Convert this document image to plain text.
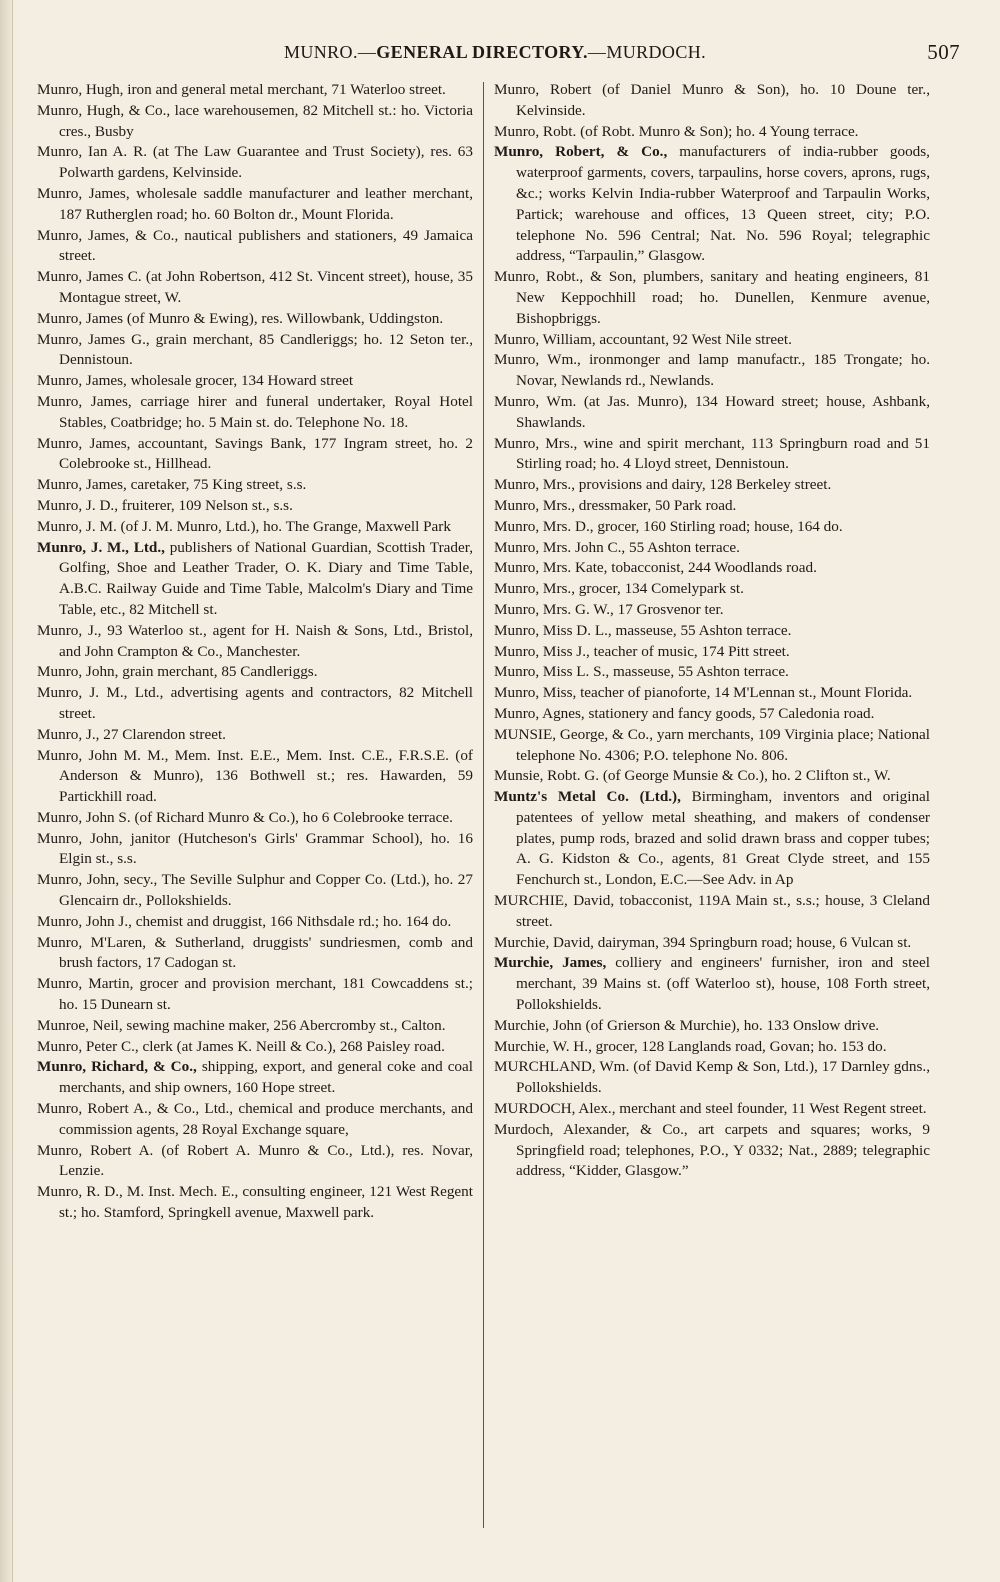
MUNRO.—GENERAL DIRECTORY.—MURDOCH.	507
Munro, Hugh, iron and general metal merchant, 71 Waterloo street.
Munro, Hugh, & Co., lace warehousemen, 82 Mitchell st.: ho. Victoria cres., Busby
Munro, Ian A. R. (at The Law Guarantee and Trust Society), res. 63 Polwarth gardens, Kelvinside.
Munro, James, wholesale saddle manufacturer and leather merchant, 187 Rutherglen road; ho. 60 Bolton dr., Mount Florida.
Munro, James, & Co., nautical publishers and stationers, 49 Jamaica street.
Munro, James C. (at John Robertson, 412 St. Vincent street), house, 35 Montague street, W.
Munro, James (of Munro & Ewing), res. Willowbank, Uddingston.
Munro, James G., grain merchant, 85 Candleriggs; ho. 12 Seton ter., Dennistoun.
Munro, James, wholesale grocer, 134 Howard street
Munro, James, carriage hirer and funeral undertaker, Royal Hotel Stables, Coatbridge; ho. 5 Main st. do. Telephone No. 18.
Munro, James, accountant, Savings Bank, 177 Ingram street, ho. 2 Colebrooke st., Hillhead.
Munro, James, caretaker, 75 King street, s.s.
Munro, J. D., fruiterer, 109 Nelson st., s.s.
Munro, J. M. (of J. M. Munro, Ltd.), ho. The Grange, Maxwell Park
Munro, J. M., Ltd., publishers of National Guardian, Scottish Trader, Golfing, Shoe and Leather Trader, O. K. Diary and Time Table, A.B.C. Railway Guide and Time Table, Malcolm's Diary and Time Table, etc., 82 Mitchell st.
Munro, J., 93 Waterloo st., agent for H. Naish & Sons, Ltd., Bristol, and John Crampton & Co., Manchester.
Munro, John, grain merchant, 85 Candleriggs.
Munro, J. M., Ltd., advertising agents and contractors, 82 Mitchell street.
Munro, J., 27 Clarendon street.
Munro, John M. M., Mem. Inst. E.E., Mem. Inst. C.E., F.R.S.E. (of Anderson & Munro), 136 Bothwell st.; res. Hawarden, 59 Partickhill road.
Munro, John S. (of Richard Munro & Co.), ho 6 Colebrooke terrace.
Munro, John, janitor (Hutcheson's Girls' Grammar School), ho. 16 Elgin st., s.s.
Munro, John, secy., The Seville Sulphur and Copper Co. (Ltd.), ho. 27 Glencairn dr., Pollokshields.
Munro, John J., chemist and druggist, 166 Nithsdale rd.; ho. 164 do.
Munro, M'Laren, & Sutherland, druggists' sundriesmen, comb and brush factors, 17 Cadogan st.
Munro, Martin, grocer and provision merchant, 181 Cowcaddens st.; ho. 15 Dunearn st.
Munroe, Neil, sewing machine maker, 256 Abercromby st., Calton.
Munro, Peter C., clerk (at James K. Neill & Co.), 268 Paisley road.
Munro, Richard, & Co., shipping, export, and general coke and coal merchants, and ship owners, 160 Hope street.
Munro, Robert A., & Co., Ltd., chemical and produce merchants, and commission agents, 28 Royal Exchange square,
Munro, Robert A. (of Robert A. Munro & Co., Ltd.), res. Novar, Lenzie.
Munro, R. D., M. Inst. Mech. E., consulting engineer, 121 West Regent st.; ho. Stamford, Springkell avenue, Maxwell park.
Munro, Robert (of Daniel Munro & Son), ho. 10 Doune ter., Kelvinside.
Munro, Robt. (of Robt. Munro & Son); ho. 4 Young terrace.
Munro, Robert, & Co., manufacturers of india-rubber goods, waterproof garments, covers, tarpaulins, horse covers, aprons, rugs, &c.; works Kelvin India-rubber Waterproof and Tarpaulin Works, Partick; warehouse and offices, 13 Queen street, city; P.O. telephone No. 596 Central; Nat. No. 596 Royal; telegraphic address, “Tarpaulin,” Glasgow.
Munro, Robt., & Son, plumbers, sanitary and heating engineers, 81 New Keppochhill road; ho. Dunellen, Kenmure avenue, Bishopbriggs.
Munro, William, accountant, 92 West Nile street.
Munro, Wm., ironmonger and lamp manufactr., 185 Trongate; ho. Novar, Newlands rd., Newlands.
Munro, Wm. (at Jas. Munro), 134 Howard street; house, Ashbank, Shawlands.
Munro, Mrs., wine and spirit merchant, 113 Springburn road and 51 Stirling road; ho. 4 Lloyd street, Dennistoun.
Munro, Mrs., provisions and dairy, 128 Berkeley street.
Munro, Mrs., dressmaker, 50 Park road.
Munro, Mrs. D., grocer, 160 Stirling road; house, 164 do.
Munro, Mrs. John C., 55 Ashton terrace.
Munro, Mrs. Kate, tobacconist, 244 Woodlands road.
Munro, Mrs., grocer, 134 Comelypark st.
Munro, Mrs. G. W., 17 Grosvenor ter.
Munro, Miss D. L., masseuse, 55 Ashton terrace.
Munro, Miss J., teacher of music, 174 Pitt street.
Munro, Miss L. S., masseuse, 55 Ashton terrace.
Munro, Miss, teacher of pianoforte, 14 M'Lennan st., Mount Florida.
Munro, Agnes, stationery and fancy goods, 57 Caledonia road.
MUNSIE, George, & Co., yarn merchants, 109 Virginia place; National telephone No. 4306; P.O. telephone No. 806.
Munsie, Robt. G. (of George Munsie & Co.), ho. 2 Clifton st., W.
Muntz's Metal Co. (Ltd.), Birmingham, inventors and original patentees of yellow metal sheathing, and makers of condenser plates, pump rods, brazed and solid drawn brass and copper tubes; A. G. Kidston & Co., agents, 81 Great Clyde street, and 155 Fenchurch st., London, E.C.—See Adv. in Ap
MURCHIE, David, tobacconist, 119A Main st., s.s.; house, 3 Cleland street.
Murchie, David, dairyman, 394 Springburn road; house, 6 Vulcan st.
Murchie, James, colliery and engineers' furnisher, iron and steel merchant, 39 Mains st. (off Waterloo st), house, 108 Forth street, Pollokshields.
Murchie, John (of Grierson & Murchie), ho. 133 Onslow drive.
Murchie, W. H., grocer, 128 Langlands road, Govan; ho. 153 do.
MURCHLAND, Wm. (of David Kemp & Son, Ltd.), 17 Darnley gdns., Pollokshields.
MURDOCH, Alex., merchant and steel founder, 11 West Regent street.
Murdoch, Alexander, & Co., art carpets and squares; works, 9 Springfield road; telephones, P.O., Y 0332; Nat., 2889; telegraphic address, “Kidder, Glasgow.”
